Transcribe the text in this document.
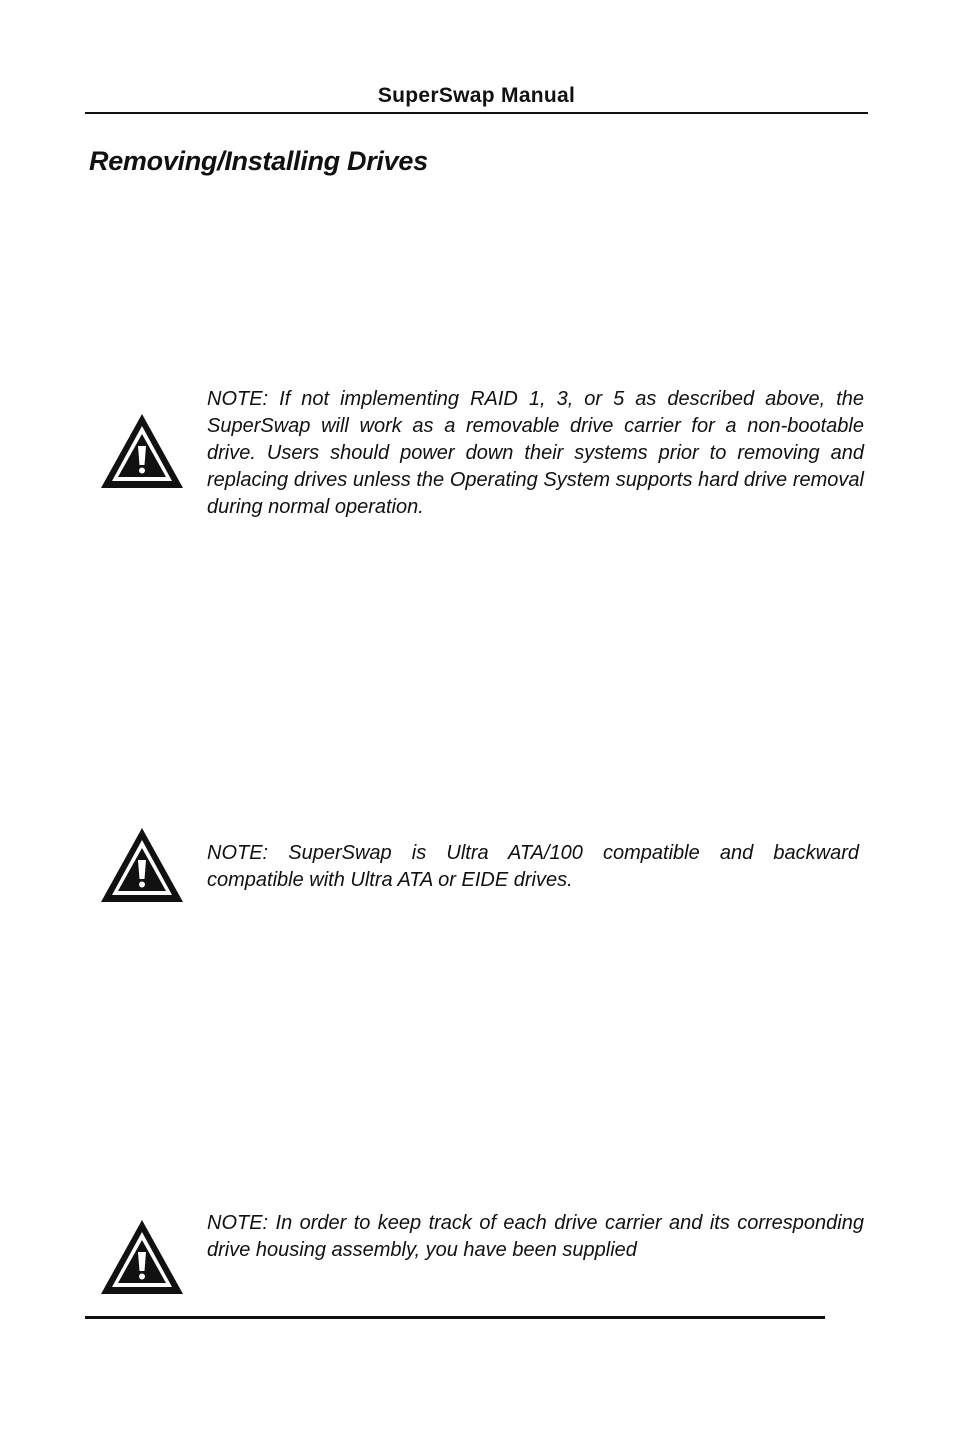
SuperSwap Manual
Removing/Installing Drives

NOTE: If not implementing RAID 1, 3, or 5 as described above, the SuperSwap will work as a removable drive carrier for a non-bootable drive. Users should power down their systems prior to removing and replacing drives unless the Operating System supports hard drive removal during normal operation.

NOTE: SuperSwap is Ultra ATA/100 compatible and backward compatible with Ultra ATA or EIDE drives.

NOTE: In order to keep track of each drive carrier and its corresponding drive housing assembly, you have been supplied
